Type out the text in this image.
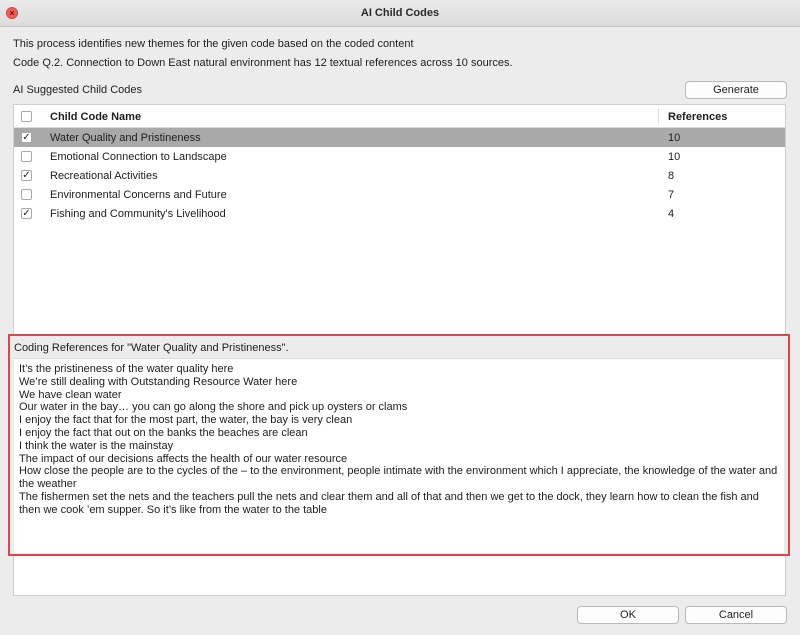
×	AI Child Codes
This process identifies new themes for the given code based on the coded content
Code Q.2. Connection to Down East natural environment has 12 textual references across 10 sources.
AI Suggested Child Codes	Generate
Child Code Name	References
✓ Water Quality and Pristineness	10
Emotional Connection to Landscape	10
✓ Recreational Activities	8
Environmental Concerns and Future	7
✓ Fishing and Community's Livelihood	4
Coding References for "Water Quality and Pristineness".
It’s the pristineness of the water quality here
We’re still dealing with Outstanding Resource Water here
We have clean water
Our water in the bay… you can go along the shore and pick up oysters or clams
I enjoy the fact that for the most part, the water, the bay is very clean
I enjoy the fact that out on the banks the beaches are clean
I think the water is the mainstay
The impact of our decisions affects the health of our water resource
How close the people are to the cycles of the – to the environment, people intimate with the environment which I appreciate, the knowledge of the water and the weather
The fishermen set the nets and the teachers pull the nets and clear them and all of that and then we get to the dock, they learn how to clean the fish and then we cook ’em supper. So it’s like from the water to the table
OK	Cancel
